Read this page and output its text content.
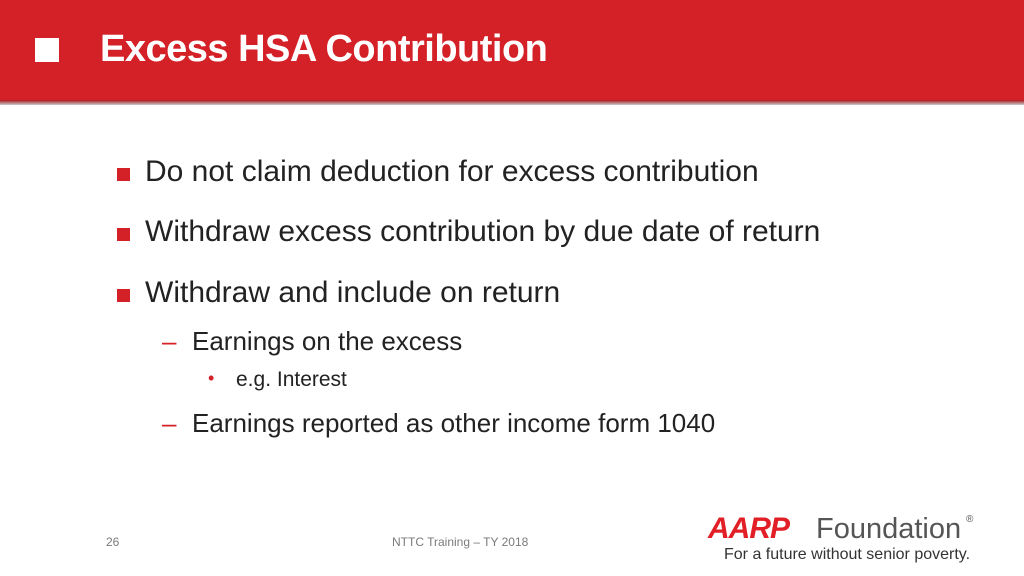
Excess HSA Contribution
Do not claim deduction for excess contribution
Withdraw excess contribution by due date of return
Withdraw and include on return
– Earnings on the excess
• e.g. Interest
– Earnings reported as other income form 1040
26	NTTC Training – TY 2018	AARP Foundation ®
For a future without senior poverty.
